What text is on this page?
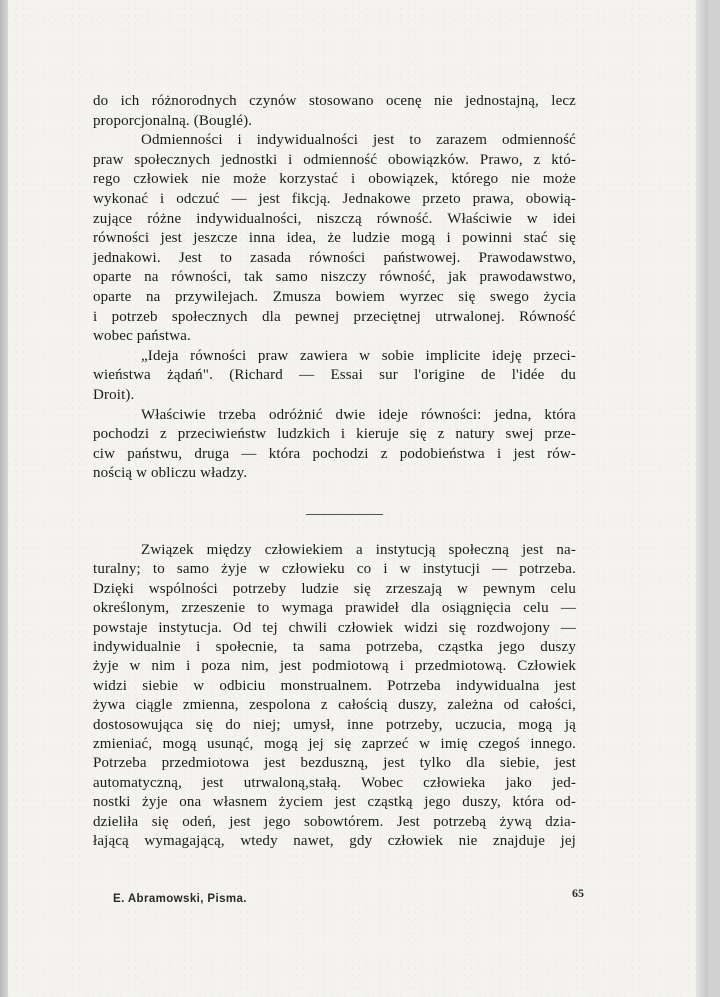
do ich różnorodnych czynów stosowano ocenę nie jednostajną, lecz
proporcjonalną. (Bouglé).
Odmienności i indywidualności jest to zarazem odmienność
praw społecznych jednostki i odmienność obowiązków. Prawo, z któ-
rego człowiek nie może korzystać i obowiązek, którego nie może
wykonać i odczuć — jest fikcją. Jednakowe przeto prawa, obowią-
zujące różne indywidualności, niszczą równość. Właściwie w idei
równości jest jeszcze inna idea, że ludzie mogą i powinni stać się
jednakowi. Jest to zasada równości państwowej. Prawodawstwo,
oparte na równości, tak samo niszczy równość, jak prawodawstwo,
oparte na przywilejach. Zmusza bowiem wyrzec się swego życia
i potrzeb społecznych dla pewnej przeciętnej utrwalonej. Równość
wobec państwa.
„Ideja równości praw zawiera w sobie implicite ideję przeci-
wieństwa żądań". (Richard — Essai sur l'origine de l'idée du
Droit).
Właściwie trzeba odróżnić dwie ideje równości: jedna, która
pochodzi z przeciwieństw ludzkich i kieruje się z natury swej prze-
ciw państwu, druga — która pochodzi z podobieństwa i jest rów-
nością w obliczu władzy.
Związek między człowiekiem a instytucją społeczną jest na-
turalny; to samo żyje w człowieku co i w instytucji — potrzeba.
Dzięki wspólności potrzeby ludzie się zrzeszają w pewnym celu
określonym, zrzeszenie to wymaga prawideł dla osiągnięcia celu —
powstaje instytucja. Od tej chwili człowiek widzi się rozdwojony —
indywidualnie i społecnie, ta sama potrzeba, cząstka jego duszy
żyje w nim i poza nim, jest podmiotową i przedmiotową. Człowiek
widzi siebie w odbiciu monstrualnem. Potrzeba indywidualna jest
żywa ciągle zmienna, zespolona z całością duszy, zależna od całości,
dostosowująca się do niej; umysł, inne potrzeby, uczucia, mogą ją
zmieniać, mogą usunąć, mogą jej się zaprzeć w imię czegoś innego.
Potrzeba przedmiotowa jest bezduszną, jest tylko dla siebie, jest
automatyczną, jest utrwaloną,stałą. Wobec człowieka jako jed-
nostki żyje ona własnem życiem jest cząstką jego duszy, która od-
dzieliła się odeń, jest jego sobowtórem. Jest potrzebą żywą dzia-
łającą wymagającą, wtedy nawet, gdy człowiek nie znajduje jej
E. Abramowski, Pisma.	65
